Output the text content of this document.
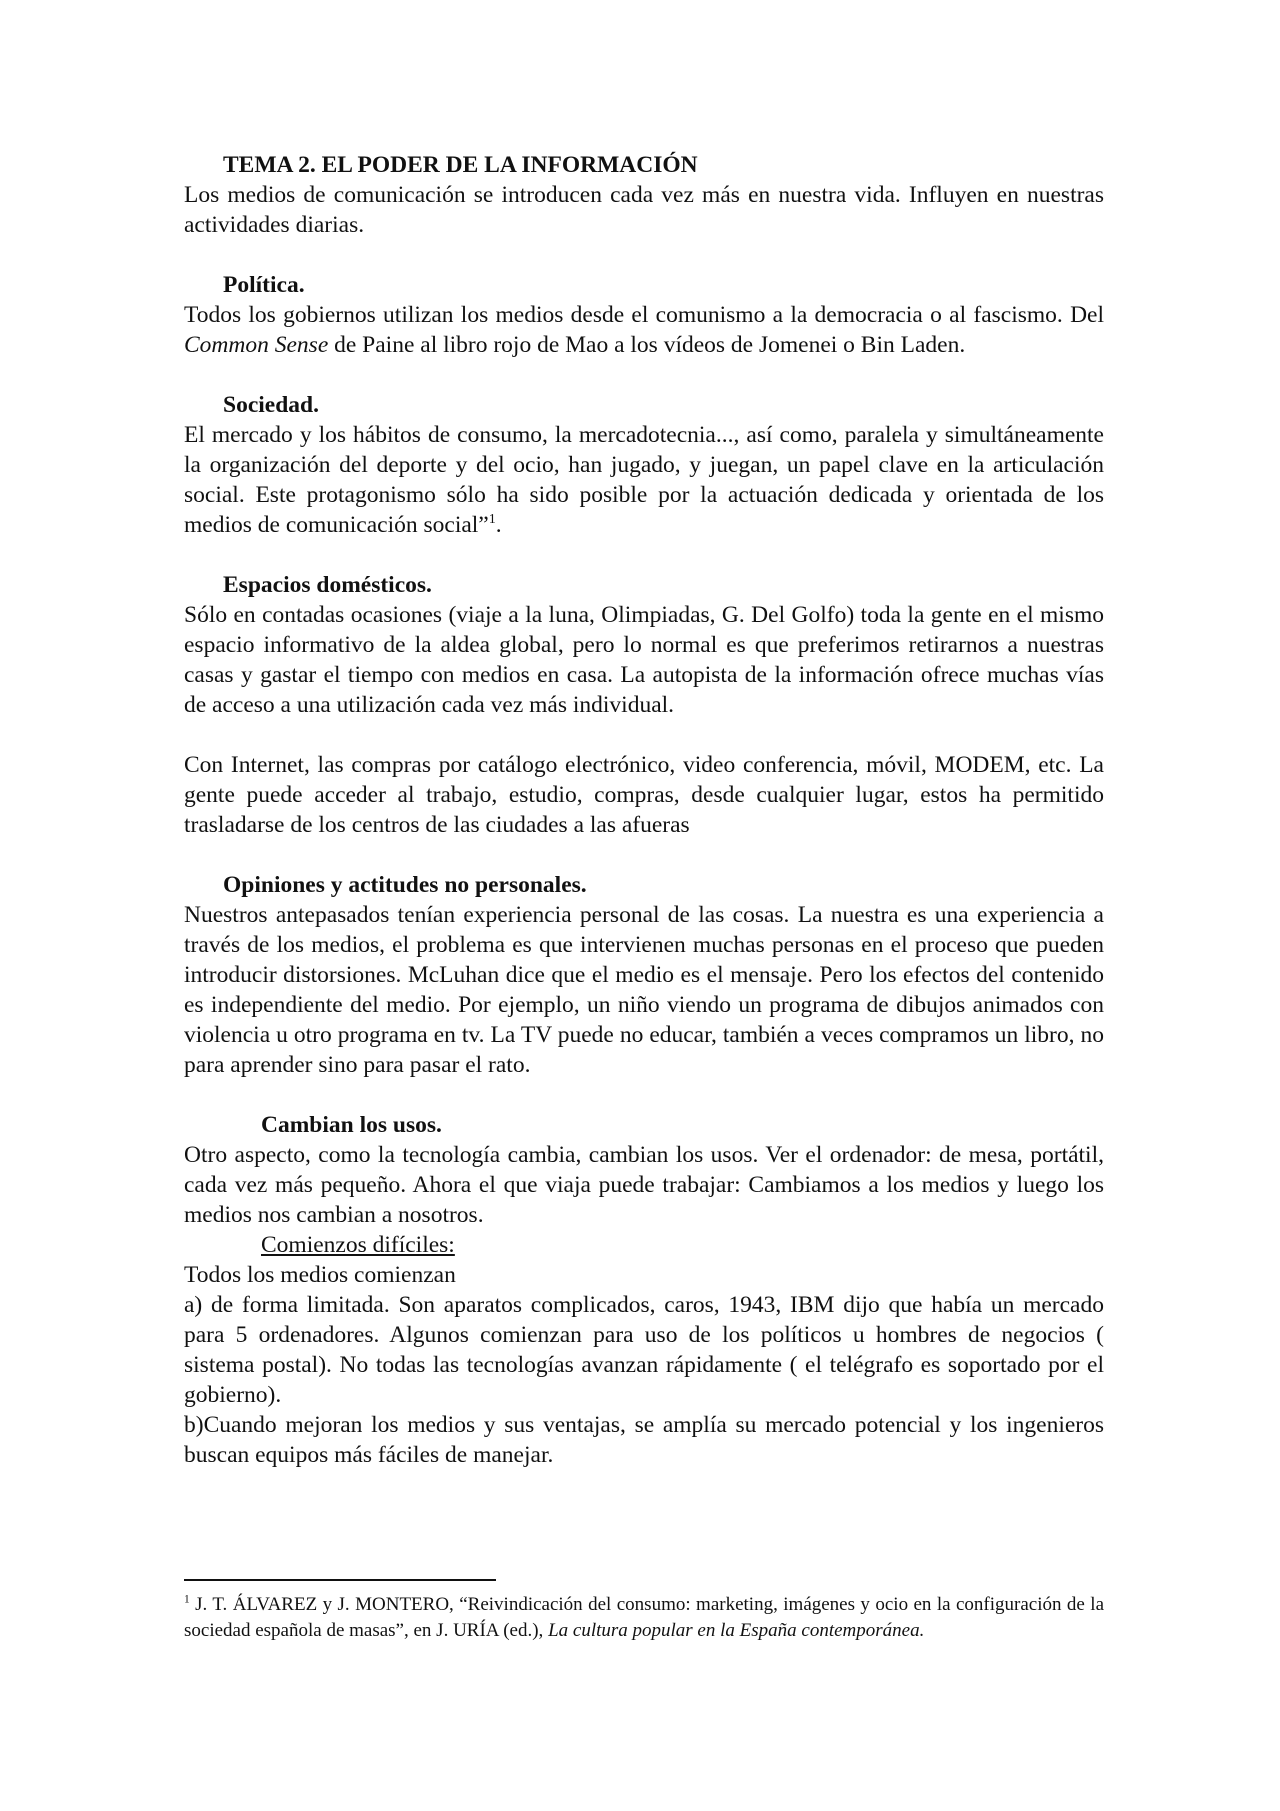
TEMA 2. EL PODER DE LA INFORMACIÓN

Los medios de comunicación se introducen cada vez más en nuestra vida. Influyen en nuestras actividades diarias.

Política.

Todos los gobiernos utilizan los medios desde el comunismo a la democracia o al fascismo. Del Common Sense de Paine al libro rojo de Mao a los vídeos de Jomenei o Bin Laden.

Sociedad.

El mercado y los hábitos de consumo, la mercadotecnia..., así como, paralela y simultáneamente la organización del deporte y del ocio, han jugado, y juegan, un papel clave en la articulación social. Este protagonismo sólo ha sido posible por la actuación dedicada y orientada de los medios de comunicación social”$^1$.

Espacios domésticos.

Sólo en contadas ocasiones (viaje a la luna, Olimpiadas, G. Del Golfo) toda la gente en el mismo espacio informativo de la aldea global, pero lo normal es que preferimos retirarnos a nuestras casas y gastar el tiempo con medios en casa. La autopista de la información ofrece muchas vías de acceso a una utilización cada vez más individual.

Con Internet, las compras por catálogo electrónico, video conferencia, móvil, MODEM, etc. La gente puede acceder al trabajo, estudio, compras, desde cualquier lugar, estos ha permitido trasladarse de los centros de las ciudades a las afueras

Opiniones y actitudes no personales.

Nuestros antepasados tenían experiencia personal de las cosas. La nuestra es una experiencia a través de los medios, el problema es que intervienen muchas personas en el proceso que pueden introducir distorsiones. McLuhan dice que el medio es el mensaje. Pero los efectos del contenido es independiente del medio. Por ejemplo, un niño viendo un programa de dibujos animados con violencia u otro programa en tv. La TV puede no educar, también a veces compramos un libro, no para aprender sino para pasar el rato.

Cambian los usos.

Otro aspecto, como la tecnología cambia, cambian los usos. Ver el ordenador: de mesa, portátil, cada vez más pequeño. Ahora el que viaja puede trabajar: Cambiamos a los medios y luego los medios nos cambian a nosotros.

Comienzos difíciles:

Todos los medios comienzan

a) de forma limitada. Son aparatos complicados, caros, 1943, IBM dijo que había un mercado para 5 ordenadores. Algunos comienzan para uso de los políticos u hombres de negocios ( sistema postal). No todas las tecnologías avanzan rápidamente ( el telégrafo es soportado por el gobierno).

b)Cuando mejoran los medios y sus ventajas, se amplía su mercado potencial y los ingenieros buscan equipos más fáciles de manejar.

$^1$ J. T. ÁLVAREZ y J. MONTERO, “Reivindicación del consumo: marketing, imágenes y ocio en la configuración de la sociedad española de masas”, en J. URÍA (ed.), La cultura popular en la España contemporánea.
